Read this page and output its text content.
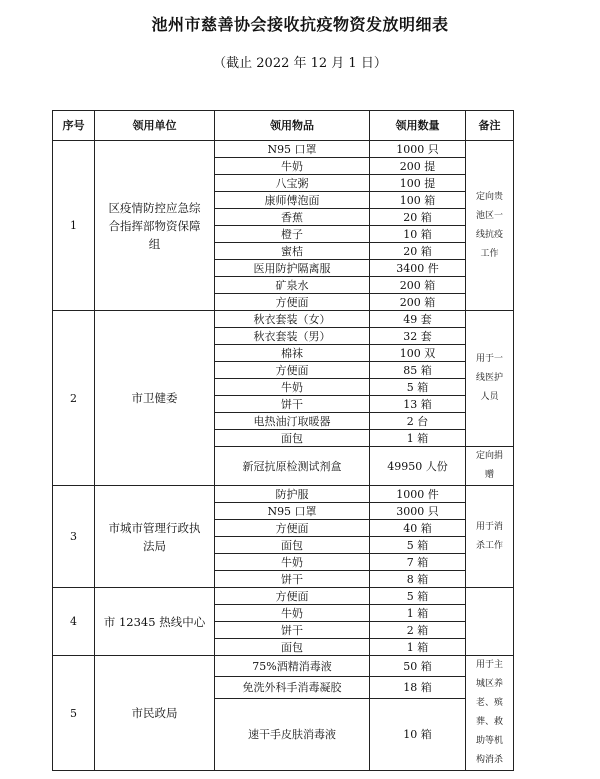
池州市慈善协会接收抗疫物资发放明细表
（截止 2022 年 12 月 1 日）
序号	领用单位	领用物品	领用数量	备注
1	区疫情防控应急综合指挥部物资保障组	N95 口罩	1000 只	定向贵池区一线抗疫工作
		牛奶	200 提	
		八宝粥	100 提	
		康师傅泡面	100 箱	
		香蕉	20 箱	
		橙子	10 箱	
		蜜桔	20 箱	
		医用防护隔离服	3400 件	
		矿泉水	200 箱	
		方便面	200 箱	
2	市卫健委	秋衣套装（女）	49 套	用于一线医护人员
		秋衣套装（男）	32 套	
		棉袜	100 双	
		方便面	85 箱	
		牛奶	5 箱	
		饼干	13 箱	
		电热油汀取暖器	2 台	
		面包	1 箱	
		新冠抗原检测试剂盒	49950 人份	定向捐赠
3	市城市管理行政执法局	防护服	1000 件	用于消杀工作
		N95 口罩	3000 只	
		方便面	40 箱	
		面包	5 箱	
		牛奶	7 箱	
		饼干	8 箱	
4	市 12345 热线中心	方便面	5 箱	
		牛奶	1 箱	
		饼干	2 箱	
		面包	1 箱	
5	市民政局	75%酒精消毒液	50 箱	用于主城区养老、殡葬、救助等机构消杀
		免洗外科手消毒凝胶	18 箱	
		速干手皮肤消毒液	10 箱	
